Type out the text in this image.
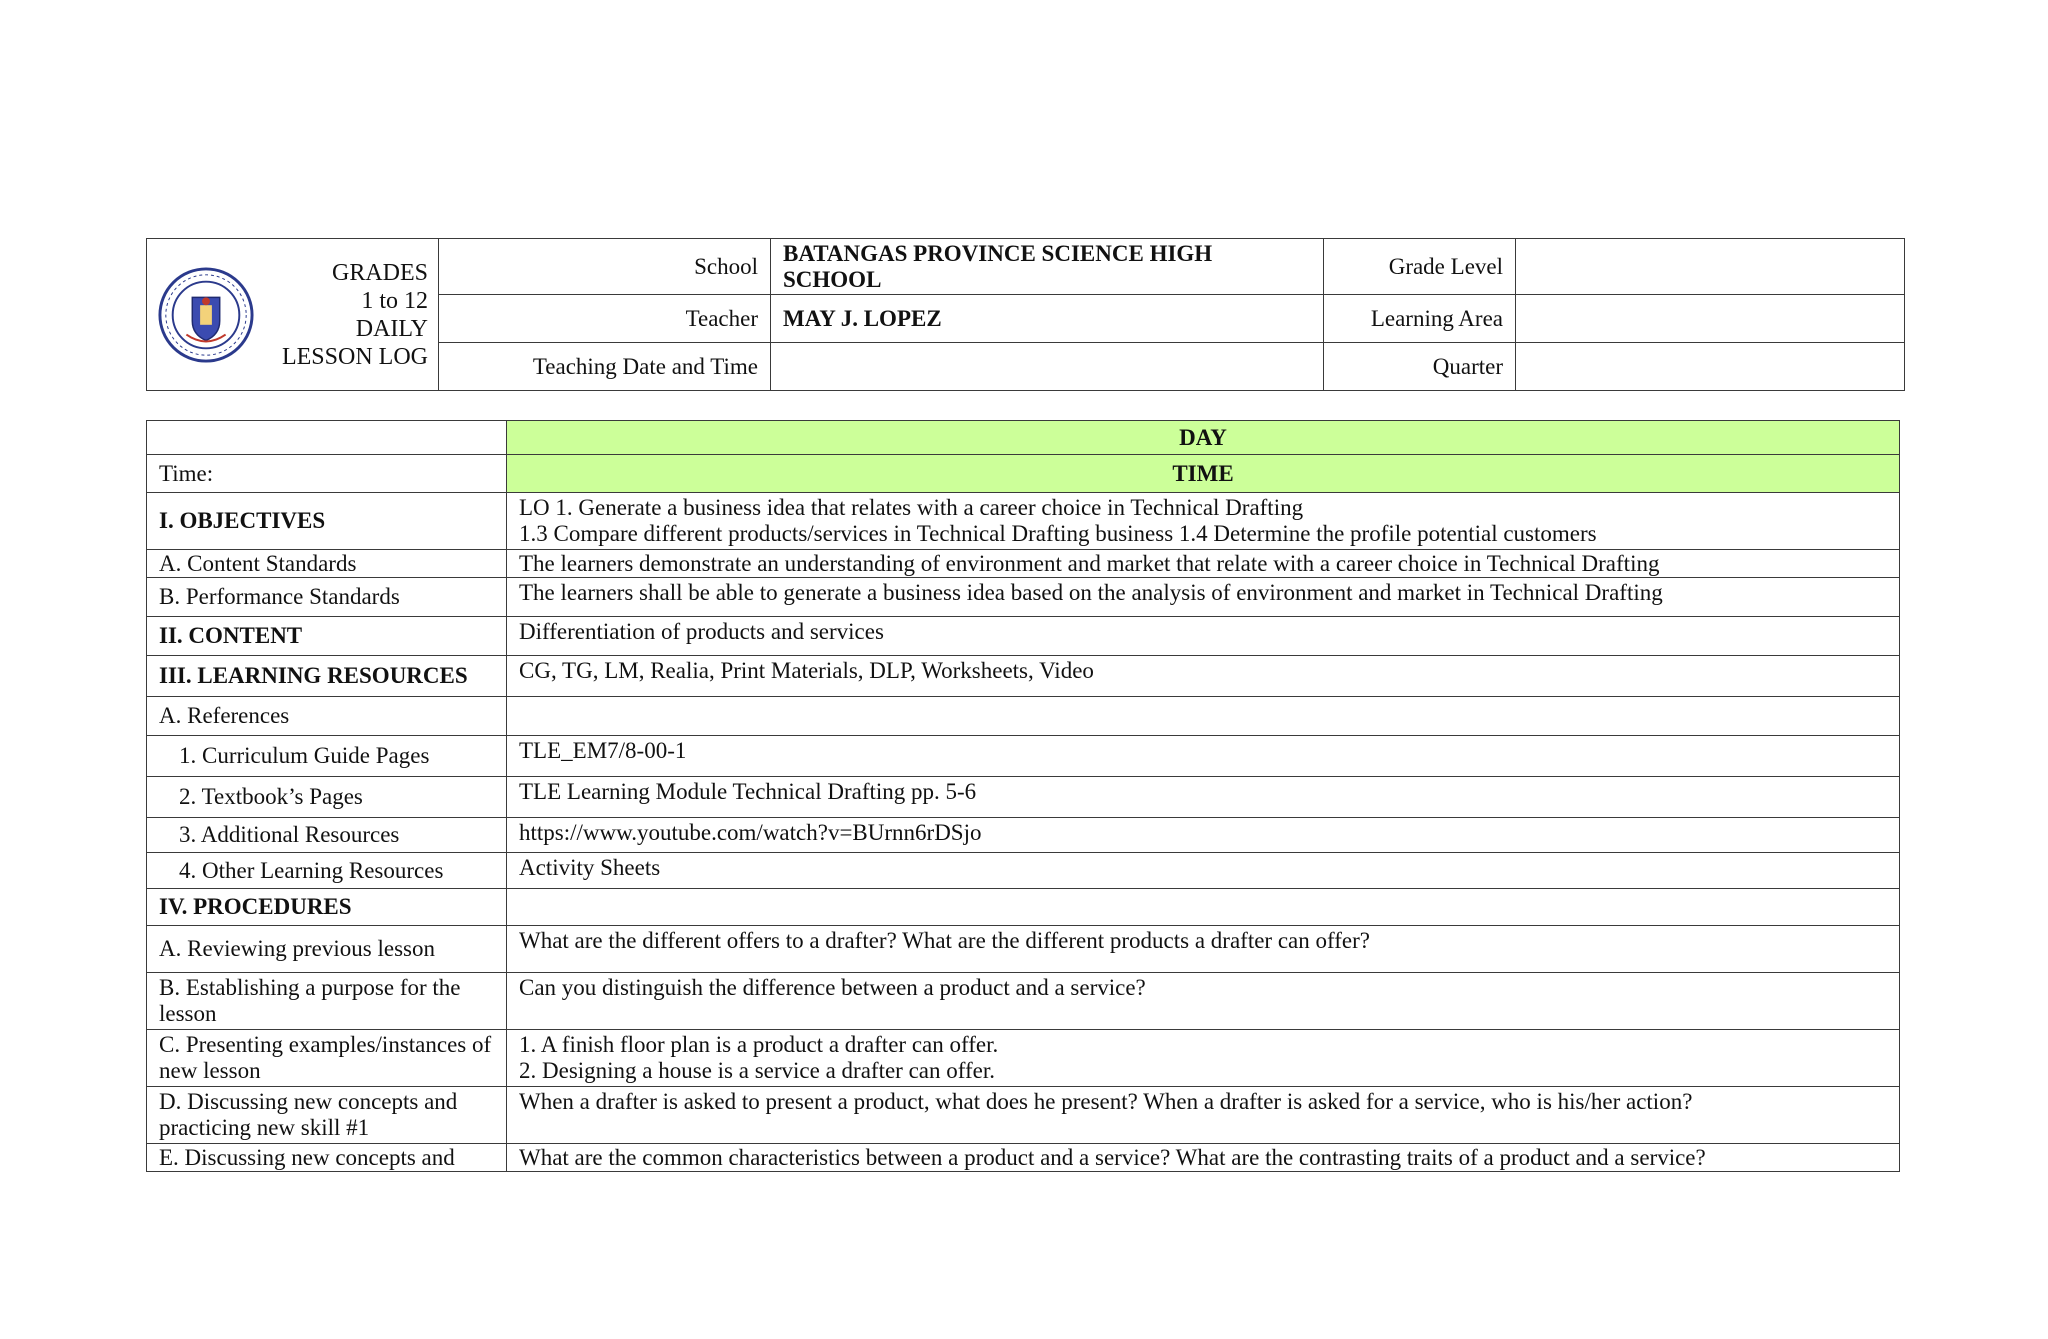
GRADES
1 to 12
DAILY
LESSON LOG	School	BATANGAS PROVINCE SCIENCE HIGH SCHOOL	Grade Level	
	Teacher	MAY J. LOPEZ	Learning Area	
	Teaching Date and Time		Quarter	
	DAY
Time:	TIME
I. OBJECTIVES	LO 1. Generate a business idea that relates with a career choice in Technical Drafting
1.3 Compare different products/services in Technical Drafting business 1.4 Determine the profile potential customers

A. Content Standards	The learners demonstrate an understanding of environment and market that relate with a career choice in Technical Drafting
B. Performance Standards	The learners shall be able to generate a business idea based on the analysis of environment and market in Technical Drafting
II. CONTENT	Differentiation of products and services
III. LEARNING RESOURCES	CG, TG, LM, Realia, Print Materials, DLP, Worksheets, Video
A. References	
1. Curriculum Guide Pages	TLE_EM7/8-00-1
2. Textbook’s Pages	TLE Learning Module Technical Drafting pp. 5-6
3. Additional Resources	https://www.youtube.com/watch?v=BUrnn6rDSjo
4. Other Learning Resources	Activity Sheets
IV. PROCEDURES	
A. Reviewing previous lesson	What are the different offers to a drafter? What are the different products a drafter can offer?
B. Establishing a purpose for the lesson	Can you distinguish the difference between a product and a service?
C. Presenting examples/instances of new lesson	1. A finish floor plan is a product a drafter can offer.
2. Designing a house is a service a drafter can offer.

D. Discussing new concepts and practicing new skill #1	When a drafter is asked to present a product, what does he present? When a drafter is asked for a service, who is his/her action?
E. Discussing new concepts and	What are the common characteristics between a product and a service? What are the contrasting traits of a product and a service?
